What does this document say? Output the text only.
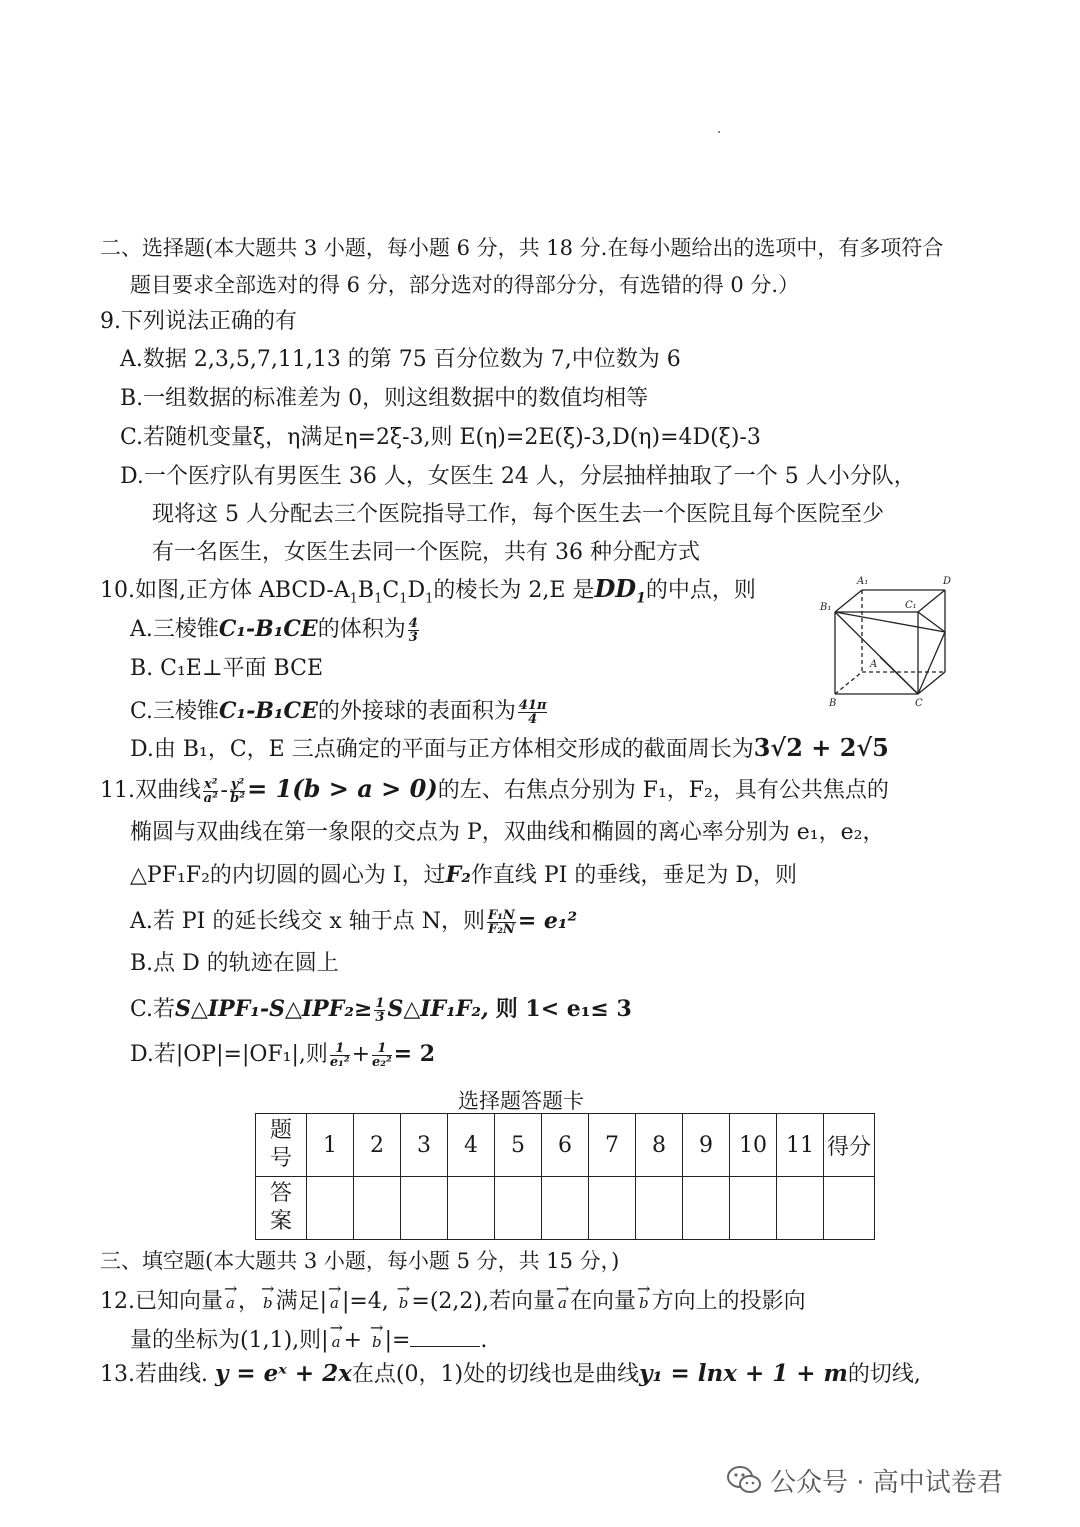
二、选择题(本大题共 3 小题，每小题 6 分，共 18 分.在每小题给出的选项中，有多项符合
题目要求全部选对的得 6 分，部分选对的得部分分，有选错的得 0 分.）
9.下列说法正确的有
A.数据 2,3,5,7,11,13 的第 75 百分位数为 7,中位数为 6
B.一组数据的标准差为 0，则这组数据中的数值均相等
C.若随机变量ξ，η满足η=2ξ-3,则 E(η)=2E(ξ)-3,D(η)=4D(ξ)-3
D.一个医疗队有男医生 36 人，女医生 24 人，分层抽样抽取了一个 5 人小分队，
现将这 5 人分配去三个医院指导工作，每个医生去一个医院且每个医院至少
有一名医生，女医生去同一个医院，共有 36 种分配方式
10.如图,正方体 ABCD-$A_1B_1C_1D_1$的棱长为 2,E 是$DD_1$的中点，则
A.三棱锥C₁-B₁CE的体积为 $\frac{4}{3}$
B. C₁E⊥平面 BCE
C.三棱锥C₁-B₁CE的外接球的表面积为 $\frac{41\pi}{4}$
D.由 B₁，C，E 三点确定的平面与正方体相交形成的截面周长为3√2 + 2√5
A₁	D
B₁	C₁
A
B	C
11.双曲线 $\frac{\text{x²}}{\text{a²}} - \frac{\text{y²}}{\text{b²}} = 1(b > a > 0)$的左、右焦点分别为 F₁，F₂，具有公共焦点的
椭圆与双曲线在第一象限的交点为 P，双曲线和椭圆的离心率分别为 e₁，e₂，
△PF₁F₂的内切圆的圆心为 I，过F₂作直线 PI 的垂线，垂足为 D，则
A.若 PI 的延长线交 x 轴于点 N，则 $\frac{\text{F₁N}}{\text{F₂N}} = e_1^2$
B.点 D 的轨迹在圆上
C.若S△IPF₁-S△IPF₂≥ $\frac{1}{3}$ S△IF₁F₂, 则 1< e₁≤ 3
D.若|OP|=|OF₁|,则 $\frac{1}{\text{e₁²}} + \frac{1}{\text{e₂²}} = 2$
选择题答题卡
题号	1	2	3	4	5	6	7	8	9	10	11	得分
答案												
三、填空题(本大题共 3 小题，每小题 5 分，共 15 分，)
12.已知向量 → a ， → b 满足| → a |=4, → b =(2,2),若向量 → a 在向量 → b 方向上的投影向
量的坐标为(1,1),则| → a + → b |=	.
13.若曲线. y = eˣ + 2x在点(0，1)处的切线也是曲线y₁ = lnx + 1 + m的切线,
公众号 · 高中试卷君
